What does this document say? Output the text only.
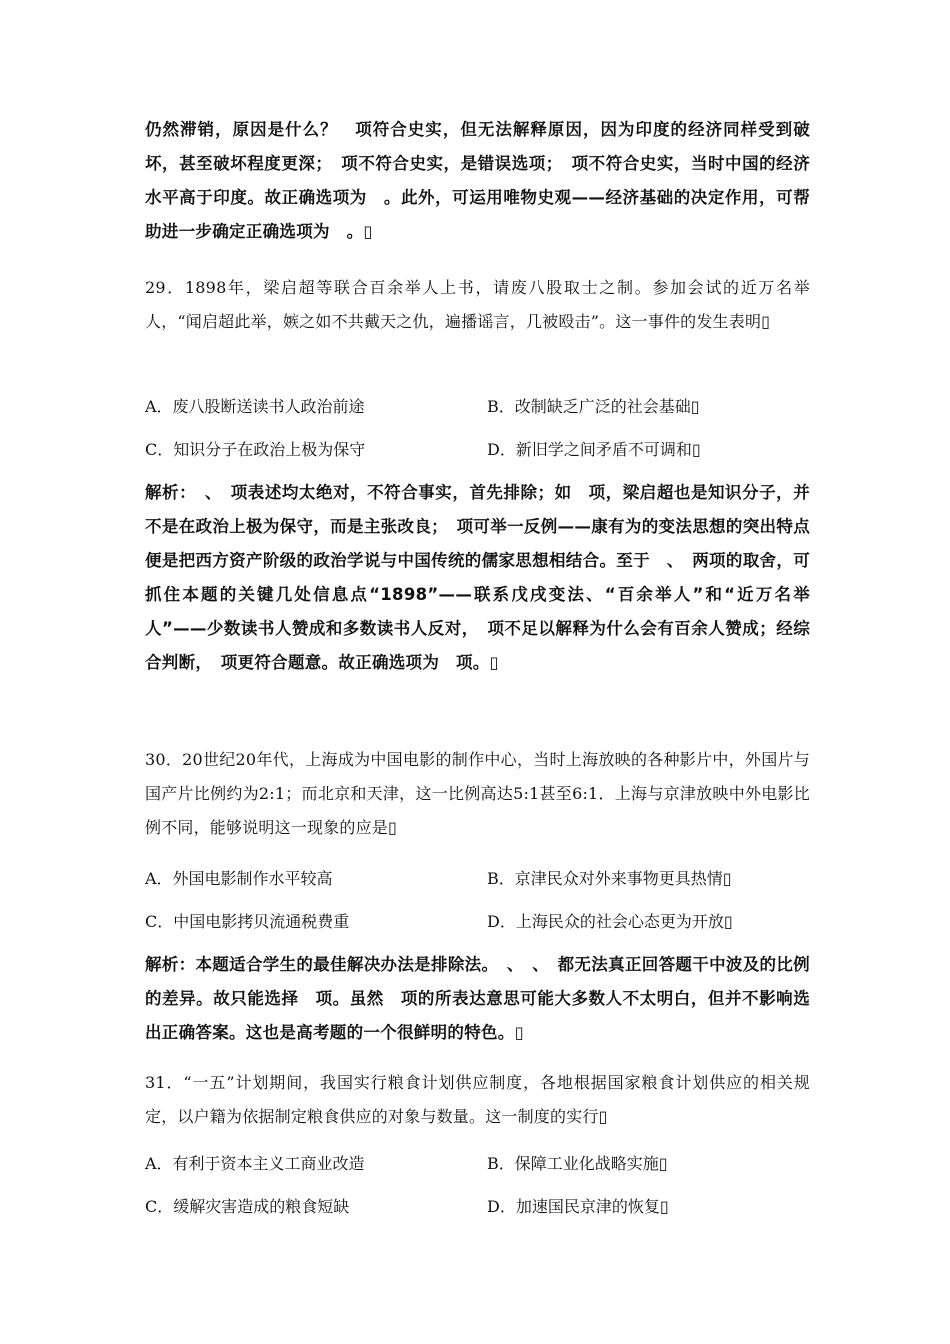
仍然滞销，原因是什么？　项符合史实，但无法解释原因，因为印度的经济同样受到破坏，甚至破坏程度更深；　项不符合史实，是错误选项；　项不符合史实，当时中国的经济水平高于印度。故正确选项为　。此外，可运用唯物史观——经济基础的决定作用，可帮助进一步确定正确选项为　。▯

29．1898年，梁启超等联合百余举人上书，请废八股取士之制。参加会试的近万名举人，“闻启超此举，嫉之如不共戴天之仇，遍播谣言，几被殴击”。这一事件的发生表明▯

A．废八股断送读书人政治前途	B．改制缺乏广泛的社会基础▯
C．知识分子在政治上极为保守	D．新旧学之间矛盾不可调和▯

解析：　、　项表述均太绝对，不符合事实，首先排除；如　项，梁启超也是知识分子，并不是在政治上极为保守，而是主张改良；　项可举一反例——康有为的变法思想的突出特点便是把西方资产阶级的政治学说与中国传统的儒家思想相结合。至于　、　两项的取舍，可抓住本题的关键几处信息点“1898”——联系戊戌变法、“百余举人”和“近万名举人”——少数读书人赞成和多数读书人反对，　项不足以解释为什么会有百余人赞成；经综合判断，　项更符合题意。故正确选项为　项。▯

30．20世纪20年代，上海成为中国电影的制作中心，当时上海放映的各种影片中，外国片与国产片比例约为2:1；而北京和天津，这一比例高达5:1甚至6:1．上海与京津放映中外电影比例不同，能够说明这一现象的应是▯

A．外国电影制作水平较高	B．京津民众对外来事物更具热情▯
C．中国电影拷贝流通税费重	D．上海民众的社会心态更为开放▯

解析：本题适合学生的最佳解决办法是排除法。　、　、　都无法真正回答题干中波及的比例的差异。故只能选择　项。虽然　项的所表达意思可能大多数人不太明白，但并不影响选出正确答案。这也是高考题的一个很鲜明的特色。▯

31．“一五”计划期间，我国实行粮食计划供应制度，各地根据国家粮食计划供应的相关规定，以户籍为依据制定粮食供应的对象与数量。这一制度的实行▯

A．有利于资本主义工商业改造	B．保障工业化战略实施▯
C．缓解灾害造成的粮食短缺	D．加速国民京津的恢复▯
